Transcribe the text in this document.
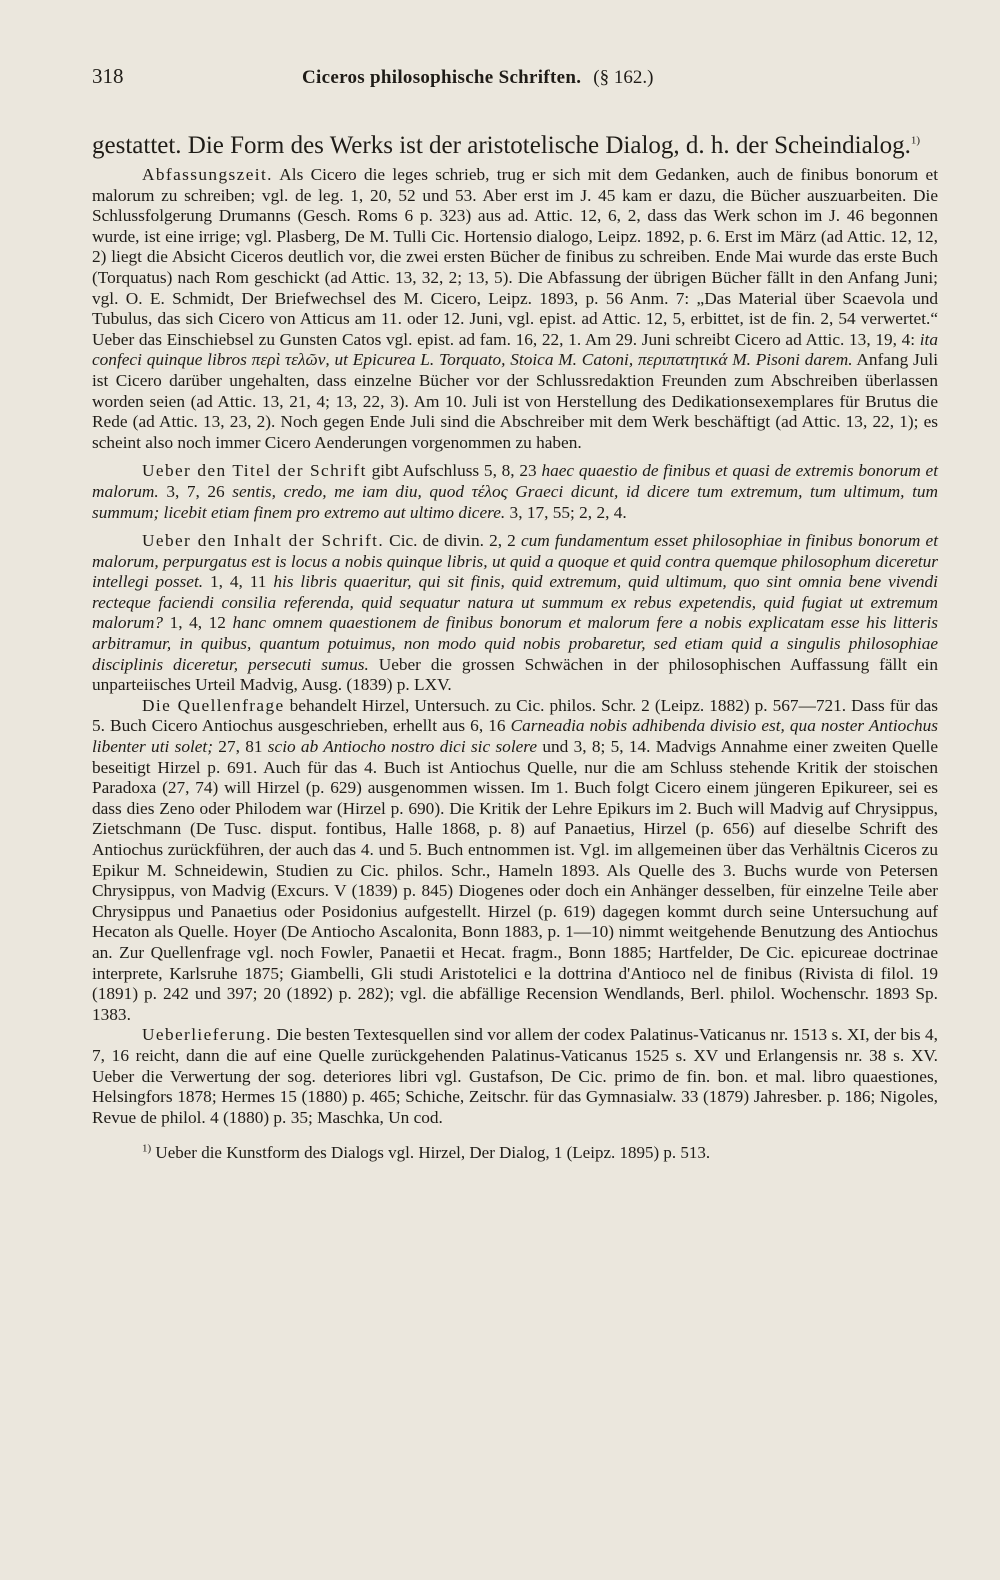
318	Ciceros philosophische Schriften. (§ 162.)
gestattet. Die Form des Werks ist der aristotelische Dialog, d. h. der Scheindialog.$^{1)}$

Abfassungszeit. Als Cicero die leges schrieb, trug er sich mit dem Gedanken, auch de finibus bonorum et malorum zu schreiben; vgl. de leg. 1, 20, 52 und 53. Aber erst im J. 45 kam er dazu, die Bücher auszuarbeiten. Die Schlussfolgerung Drumanns (Gesch. Roms 6 p. 323) aus ad. Attic. 12, 6, 2, dass das Werk schon im J. 46 begonnen wurde, ist eine irrige; vgl. Plasberg, De M. Tulli Cic. Hortensio dialogo, Leipz. 1892, p. 6. Erst im März (ad Attic. 12, 12, 2) liegt die Absicht Ciceros deutlich vor, die zwei ersten Bücher de finibus zu schreiben. Ende Mai wurde das erste Buch (Torquatus) nach Rom geschickt (ad Attic. 13, 32, 2; 13, 5). Die Abfassung der übrigen Bücher fällt in den Anfang Juni; vgl. O. E. Schmidt, Der Briefwechsel des M. Cicero, Leipz. 1893, p. 56 Anm. 7: „Das Material über Scaevola und Tubulus, das sich Cicero von Atticus am 11. oder 12. Juni, vgl. epist. ad Attic. 12, 5, erbittet, ist de fin. 2, 54 verwertet.“ Ueber das Einschiebsel zu Gunsten Catos vgl. epist. ad fam. 16, 22, 1. Am 29. Juni schreibt Cicero ad Attic. 13, 19, 4: ita confeci quinque libros περὶ τελῶν, ut Epicurea L. Torquato, Stoica M. Catoni, περιπατητικά M. Pisoni darem. Anfang Juli ist Cicero darüber ungehalten, dass einzelne Bücher vor der Schlussredaktion Freunden zum Abschreiben überlassen worden seien (ad Attic. 13, 21, 4; 13, 22, 3). Am 10. Juli ist von Herstellung des Dedikationsexemplares für Brutus die Rede (ad Attic. 13, 23, 2). Noch gegen Ende Juli sind die Abschreiber mit dem Werk beschäftigt (ad Attic. 13, 22, 1); es scheint also noch immer Cicero Aenderungen vorgenommen zu haben.

Ueber den Titel der Schrift gibt Aufschluss 5, 8, 23 haec quaestio de finibus et quasi de extremis bonorum et malorum. 3, 7, 26 sentis, credo, me iam diu, quod τέλος Graeci dicunt, id dicere tum extremum, tum ultimum, tum summum; licebit etiam finem pro extremo aut ultimo dicere. 3, 17, 55; 2, 2, 4.

Ueber den Inhalt der Schrift. Cic. de divin. 2, 2 cum fundamentum esset philosophiae in finibus bonorum et malorum, perpurgatus est is locus a nobis quinque libris, ut quid a quoque et quid contra quemque philosophum diceretur intellegi posset. 1, 4, 11 his libris quaeritur, qui sit finis, quid extremum, quid ultimum, quo sint omnia bene vivendi recteque faciendi consilia referenda, quid sequatur natura ut summum ex rebus expetendis, quid fugiat ut extremum malorum? 1, 4, 12 hanc omnem quaestionem de finibus bonorum et malorum fere a nobis explicatam esse his litteris arbitramur, in quibus, quantum potuimus, non modo quid nobis probaretur, sed etiam quid a singulis philosophiae disciplinis diceretur, persecuti sumus. Ueber die grossen Schwächen in der philosophischen Auffassung fällt ein unparteiisches Urteil Madvig, Ausg. (1839) p. LXV.

Die Quellenfrage behandelt Hirzel, Untersuch. zu Cic. philos. Schr. 2 (Leipz. 1882) p. 567—721. Dass für das 5. Buch Cicero Antiochus ausgeschrieben, erhellt aus 6, 16 Carneadia nobis adhibenda divisio est, qua noster Antiochus libenter uti solet; 27, 81 scio ab Antiocho nostro dici sic solere und 3, 8; 5, 14. Madvigs Annahme einer zweiten Quelle beseitigt Hirzel p. 691. Auch für das 4. Buch ist Antiochus Quelle, nur die am Schluss stehende Kritik der stoischen Paradoxa (27, 74) will Hirzel (p. 629) ausgenommen wissen. Im 1. Buch folgt Cicero einem jüngeren Epikureer, sei es dass dies Zeno oder Philodem war (Hirzel p. 690). Die Kritik der Lehre Epikurs im 2. Buch will Madvig auf Chrysippus, Zietschmann (De Tusc. disput. fontibus, Halle 1868, p. 8) auf Panaetius, Hirzel (p. 656) auf dieselbe Schrift des Antiochus zurückführen, der auch das 4. und 5. Buch entnommen ist. Vgl. im allgemeinen über das Verhältnis Ciceros zu Epikur M. Schneidewin, Studien zu Cic. philos. Schr., Hameln 1893. Als Quelle des 3. Buchs wurde von Petersen Chrysippus, von Madvig (Excurs. V (1839) p. 845) Diogenes oder doch ein Anhänger desselben, für einzelne Teile aber Chrysippus und Panaetius oder Posidonius aufgestellt. Hirzel (p. 619) dagegen kommt durch seine Untersuchung auf Hecaton als Quelle. Hoyer (De Antiocho Ascalonita, Bonn 1883, p. 1—10) nimmt weitgehende Benutzung des Antiochus an. Zur Quellenfrage vgl. noch Fowler, Panaetii et Hecat. fragm., Bonn 1885; Hartfelder, De Cic. epicureae doctrinae interprete, Karlsruhe 1875; Giambelli, Gli studi Aristotelici e la dottrina d'Antioco nel de finibus (Rivista di filol. 19 (1891) p. 242 und 397; 20 (1892) p. 282); vgl. die abfällige Recension Wendlands, Berl. philol. Wochenschr. 1893 Sp. 1383.

Ueberlieferung. Die besten Textesquellen sind vor allem der codex Palatinus-Vaticanus nr. 1513 s. XI, der bis 4, 7, 16 reicht, dann die auf eine Quelle zurückgehenden Palatinus-Vaticanus 1525 s. XV und Erlangensis nr. 38 s. XV. Ueber die Verwertung der sog. deteriores libri vgl. Gustafson, De Cic. primo de fin. bon. et mal. libro quaestiones, Helsingfors 1878; Hermes 15 (1880) p. 465; Schiche, Zeitschr. für das Gymnasialw. 33 (1879) Jahresber. p. 186; Nigoles, Revue de philol. 4 (1880) p. 35; Maschka, Un cod.

$^{1)}$ Ueber die Kunstform des Dialogs vgl. Hirzel, Der Dialog, 1 (Leipz. 1895) p. 513.
